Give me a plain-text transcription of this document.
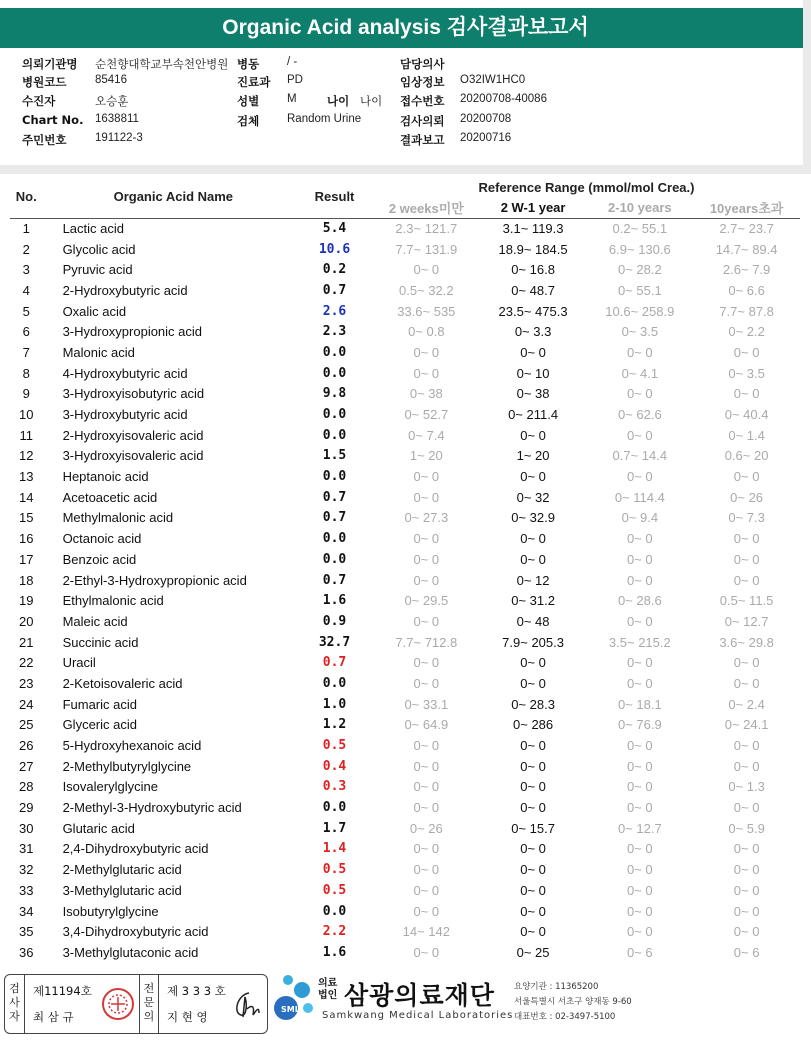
Organic Acid analysis 검사결과보고서
의뢰기관명 순천향대학교부속천안병원 병동 / -	담당의사
병원코드 85416	진료과 PD	임상정보 O32IW1HC0
수진자	오승훈	성별 M	나이 나이 접수번호 20200708-40086
Chart No. 1638811	검체 Random Urine	검사의뢰 20200708
주민번호 191122-3	결과보고 20200716
No.	Organic Acid Name	Result	Reference Range (mmol/mol Crea.)			
			2 weeks미만	2 W-1 year	2-10 years	10years초과
1	Lactic acid	5.4	2.3~ 121.7	3.1~ 119.3	0.2~ 55.1	2.7~ 23.7
2	Glycolic acid	10.6	7.7~ 131.9	18.9~ 184.5	6.9~ 130.6	14.7~ 89.4
3	Pyruvic acid	0.2	0~ 0	0~ 16.8	0~ 28.2	2.6~ 7.9
4	2-Hydroxybutyric acid	0.7	0.5~ 32.2	0~ 48.7	0~ 55.1	0~ 6.6
5	Oxalic acid	2.6	33.6~ 535	23.5~ 475.3	10.6~ 258.9	7.7~ 87.8
6	3-Hydroxypropionic acid	2.3	0~ 0.8	0~ 3.3	0~ 3.5	0~ 2.2
7	Malonic acid	0.0	0~ 0	0~ 0	0~ 0	0~ 0
8	4-Hydroxybutyric acid	0.0	0~ 0	0~ 10	0~ 4.1	0~ 3.5
9	3-Hydroxyisobutyric acid	9.8	0~ 38	0~ 38	0~ 0	0~ 0
10	3-Hydroxybutyric acid	0.0	0~ 52.7	0~ 211.4	0~ 62.6	0~ 40.4
11	2-Hydroxyisovaleric acid	0.0	0~ 7.4	0~ 0	0~ 0	0~ 1.4
12	3-Hydroxyisovaleric acid	1.5	1~ 20	1~ 20	0.7~ 14.4	0.6~ 20
13	Heptanoic acid	0.0	0~ 0	0~ 0	0~ 0	0~ 0
14	Acetoacetic acid	0.7	0~ 0	0~ 32	0~ 114.4	0~ 26
15	Methylmalonic acid	0.7	0~ 27.3	0~ 32.9	0~ 9.4	0~ 7.3
16	Octanoic acid	0.0	0~ 0	0~ 0	0~ 0	0~ 0
17	Benzoic acid	0.0	0~ 0	0~ 0	0~ 0	0~ 0
18	2-Ethyl-3-Hydroxypropionic acid	0.7	0~ 0	0~ 12	0~ 0	0~ 0
19	Ethylmalonic acid	1.6	0~ 29.5	0~ 31.2	0~ 28.6	0.5~ 11.5
20	Maleic acid	0.9	0~ 0	0~ 48	0~ 0	0~ 12.7
21	Succinic acid	32.7	7.7~ 712.8	7.9~ 205.3	3.5~ 215.2	3.6~ 29.8
22	Uracil	0.7	0~ 0	0~ 0	0~ 0	0~ 0
23	2-Ketoisovaleric acid	0.0	0~ 0	0~ 0	0~ 0	0~ 0
24	Fumaric acid	1.0	0~ 33.1	0~ 28.3	0~ 18.1	0~ 2.4
25	Glyceric acid	1.2	0~ 64.9	0~ 286	0~ 76.9	0~ 24.1
26	5-Hydroxyhexanoic acid	0.5	0~ 0	0~ 0	0~ 0	0~ 0
27	2-Methylbutyrylglycine	0.4	0~ 0	0~ 0	0~ 0	0~ 0
28	Isovalerylglycine	0.3	0~ 0	0~ 0	0~ 0	0~ 1.3
29	2-Methyl-3-Hydroxybutyric acid	0.0	0~ 0	0~ 0	0~ 0	0~ 0
30	Glutaric acid	1.7	0~ 26	0~ 15.7	0~ 12.7	0~ 5.9
31	2,4-Dihydroxybutyric acid	1.4	0~ 0	0~ 0	0~ 0	0~ 0
32	2-Methylglutaric acid	0.5	0~ 0	0~ 0	0~ 0	0~ 0
33	3-Methylglutaric acid	0.5	0~ 0	0~ 0	0~ 0	0~ 0
34	Isobutyrylglycine	0.0	0~ 0	0~ 0	0~ 0	0~ 0
35	3,4-Dihydroxybutyric acid	2.2	14~ 142	0~ 0	0~ 0	0~ 0
36	3-Methylglutaconic acid	1.6	0~ 0	0~ 25	0~ 6	0~ 6
검사자
제11194호
최 삼 규
전문의
제 3 3 3 호
지 현 영
SML
의료법인 삼광의료재단
Samkwang Medical Laboratories
요양기관 : 11365200
서울특별시 서초구 양재동 9-60
대표번호 : 02-3497-5100
